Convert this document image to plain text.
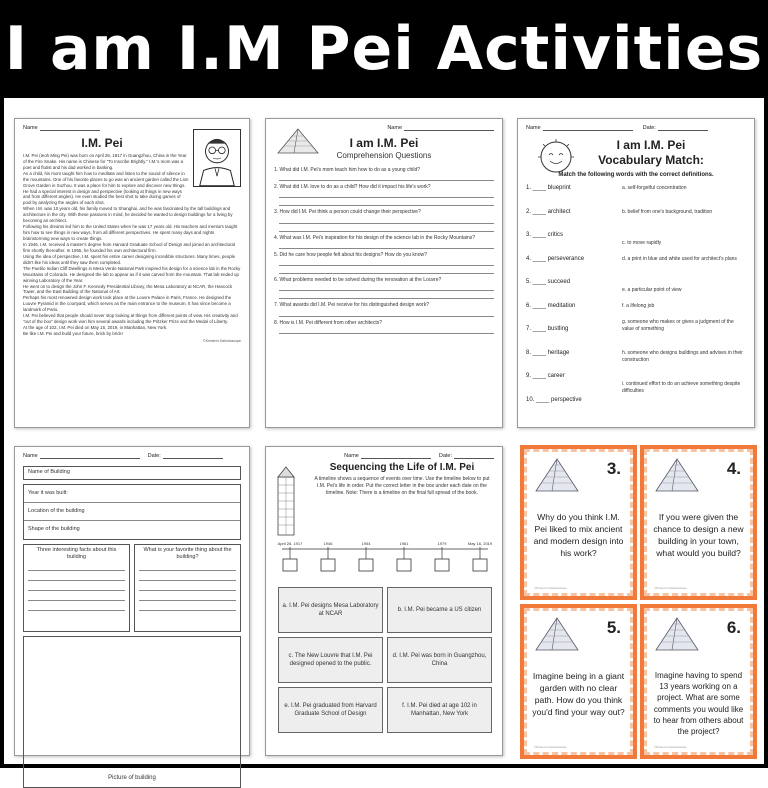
I am I.M Pei Activities
Name
I.M. Pei
I.M. Pei (Ieoh Ming Pei) was born on April 26, 1917 in Guangzhou, China in the Year of the Fire Snake. His name is Chinese for "To Inscribe Brightly." I.M.'s mom was a poet and flutist and his dad worked in banking.
As a child, his mom taught him how to meditate and listen to the sound of silence in the mountains. One of his favorite places to go was an ancient garden called the Lion Grove Garden in Suzhou. It was a place for him to explore and discover new things. He had a special interest in design and perspective (looking at things in new ways and from different angles). He even studied the best shot to take during games of pool by analyzing the angles of each shot.
When I.M. was 10 years old, his family moved to Shanghai, and he was fascinated by the tall buildings and architecture in the city. With these passions in mind, he decided he wanted to design buildings for a living by becoming an architect.
Following his dreams led him to the United States when he was 17 years old. His teachers and mentors taught him how to see things in new ways, from all different perspectives. He spent many days and nights brainstorming new ways to create things.
In 1946, I.M. received a master's degree from Harvard Graduate School of Design and joined an architectural firm shortly thereafter. In 1955, he founded his own architectural firm.
Using the idea of perspective, I.M. spent his entire career designing incredible structures. Many times, people didn't like his ideas until they saw them completed.
The Pueblo Indian Cliff Dwellings in Mesa Verde National Park inspired his design for a science lab in the Rocky Mountains of Colorado. He designed the lab to appear as if it was carved from the mountain. That lab ended up winning Laboratory of the Year.
He went on to design the John F. Kennedy Presidential Library, the Mesa Laboratory at NCAR, the Hancock Tower, and the East Building of the National of Art.
Perhaps his most renowned design work took place at the Louvre Palace in Paris, France. He designed the Louvre Pyramid in the courtyard, which serves as the main entrance to the museum. It has since become a landmark of Paris.
I.M. Pei believed that people should never stop looking at things from different points of view. His creativity and "out of the box" design work won him several awards including the Pritzker Prize and the Medal of Liberty.
At the age of 102, I.M. Pei died on May 16, 2019, in Manhattan, New York.
Be like I.M. Pei and build your future, brick by brick!
©Kristen's Kaleidoscope
Name
I am I.M. Pei
Comprehension Questions
1. What did I.M. Pei's mom teach him how to do as a young child?
2. What did I.M. love to do as a child? How did it impact his life's work?
3. How did I.M. Pei think a person could change their perspective?
4. What was I.M. Pei's inspiration for his design of the science lab in the Rocky Mountains?
5. Did he care how people felt about his designs? How do you know?
6. What problems needed to be solved during the renovation at the Louvre?
7. What awards did I.M. Pei receive for his distinguished design work?
8. How is I.M. Pei different from other architects?
Name	Date:
I am I.M. Pei
Vocabulary Match:
Match the following words with the correct definitions.
1. ____ blueprint
2. ____ architect
3. ____ critics
4. ____ perseverance
5. ____ succeed
6. ____ meditation
7. ____ bustling
8. ____ heritage
9. ____ career
10. ____ perspective
a. self-forgetful concentration
b. belief from one's background, tradition
c. to move rapidly
d. a print in blue and white used for architect's plans
e. a particular point of view
f. a lifelong job
g. someone who makes or gives a judgment of the value of something
h. someone who designs buildings and advises in their construction
i. continued effort to do an achieve something despite difficulties
Name	Date:
Name of Building
Year it was built:
Location of the building
Shape of the building
Three interesting facts about this building
What is your favorite thing about the building?
Picture of building
Name	Date:
Sequencing the Life of I.M. Pei
A timeline shows a sequence of events over time. Use the timeline below to put I.M. Pei's life in order. Put the correct letter in the box under each date on the timeline. Note: There is a timeline on the final full spread of the book.
April 26, 1917	1946	1954	1961	1979	May 16, 2019
a. I.M. Pei designs Mesa Laboratory at NCAR
b. I.M. Pei became a US citizen
c. The New Louvre that I.M. Pei designed opened to the public.
d. I.M. Pei was born in Guangzhou, China
e. I.M. Pei graduated from Harvard Graduate School of Design
f. I.M. Pei died at age 102 in Manhattan, New York
3.
Why do you think I.M. Pei liked to mix ancient and modern design into his work?
©Kristen's Kaleidoscope
4.
If you were given the chance to design a new building in your town, what would you build?
©Kristen's Kaleidoscope
5.
Imagine being in a giant garden with no clear path. How do you think you'd find your way out?
©Kristen's Kaleidoscope
6.
Imagine having to spend 13 years working on a project. What are some comments you would like to hear from others about the project?
©Kristen's Kaleidoscope
